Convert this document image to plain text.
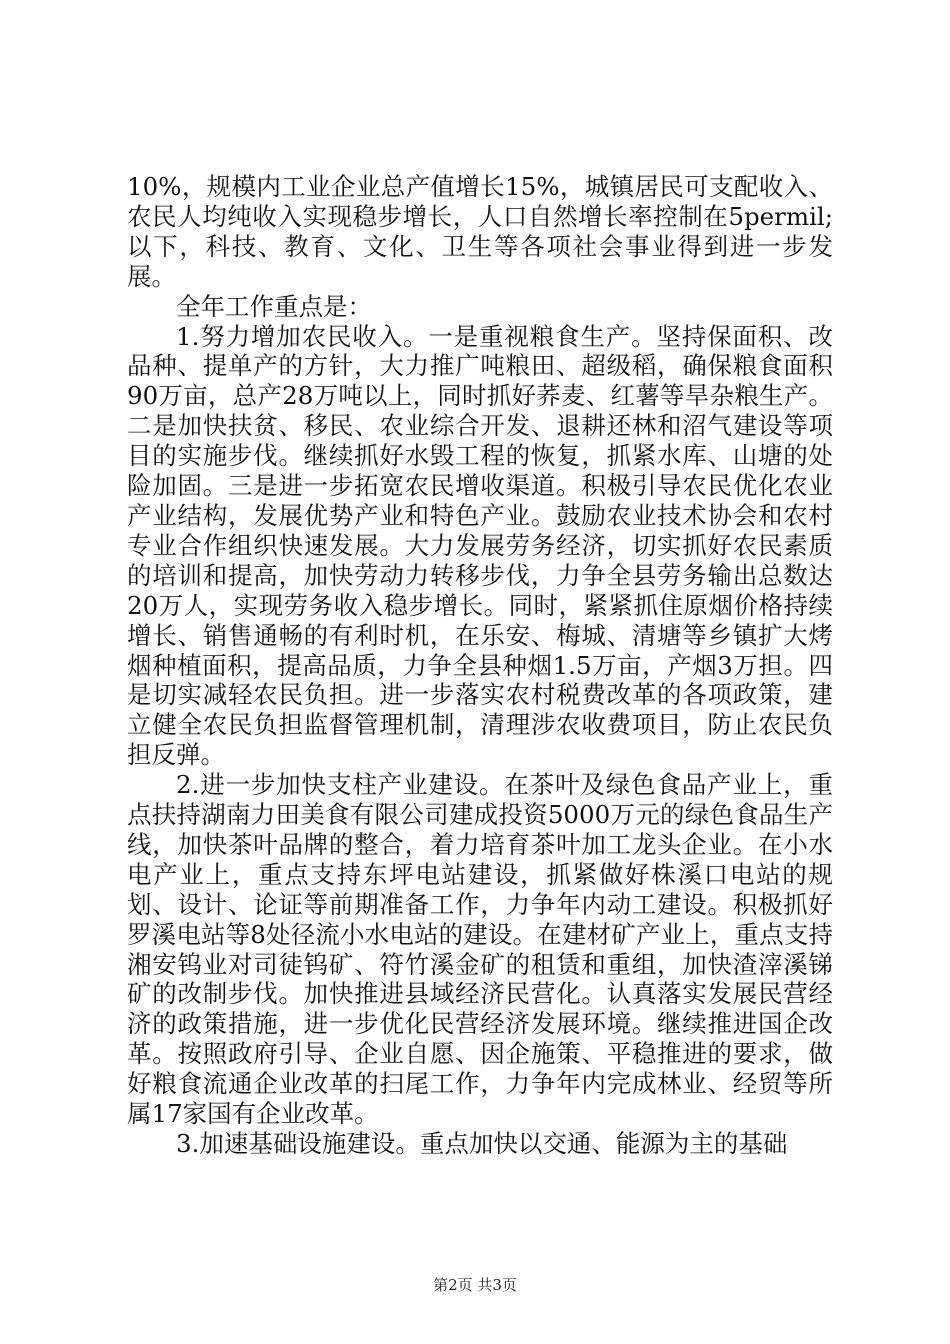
10%，规模内工业企业总产值增长15%，城镇居民可支配收入、农民人均纯收入实现稳步增长，人口自然增长率控制在5permil;以下，科技、教育、文化、卫生等各项社会事业得到进一步发展。

全年工作重点是：

1.努力增加农民收入。一是重视粮食生产。坚持保面积、改品种、提单产的方针，大力推广吨粮田、超级稻，确保粮食面积90万亩，总产28万吨以上，同时抓好荞麦、红薯等旱杂粮生产。二是加快扶贫、移民、农业综合开发、退耕还林和沼气建设等项目的实施步伐。继续抓好水毁工程的恢复，抓紧水库、山塘的处险加固。三是进一步拓宽农民增收渠道。积极引导农民优化农业产业结构，发展优势产业和特色产业。鼓励农业技术协会和农村专业合作组织快速发展。大力发展劳务经济，切实抓好农民素质的培训和提高，加快劳动力转移步伐，力争全县劳务输出总数达20万人，实现劳务收入稳步增长。同时，紧紧抓住原烟价格持续增长、销售通畅的有利时机，在乐安、梅城、清塘等乡镇扩大烤烟种植面积，提高品质，力争全县种烟1.5万亩，产烟3万担。四是切实减轻农民负担。进一步落实农村税费改革的各项政策，建立健全农民负担监督管理机制，清理涉农收费项目，防止农民负担反弹。

2.进一步加快支柱产业建设。在茶叶及绿色食品产业上，重点扶持湖南力田美食有限公司建成投资5000万元的绿色食品生产线，加快茶叶品牌的整合，着力培育茶叶加工龙头企业。在小水电产业上，重点支持东坪电站建设，抓紧做好株溪口电站的规划、设计、论证等前期准备工作，力争年内动工建设。积极抓好罗溪电站等8处径流小水电站的建设。在建材矿产业上，重点支持湘安钨业对司徒钨矿、符竹溪金矿的租赁和重组，加快渣滓溪锑矿的改制步伐。加快推进县域经济民营化。认真落实发展民营经济的政策措施，进一步优化民营经济发展环境。继续推进国企改革。按照政府引导、企业自愿、因企施策、平稳推进的要求，做好粮食流通企业改革的扫尾工作，力争年内完成林业、经贸等所属17家国有企业改革。

3.加速基础设施建设。重点加快以交通、能源为主的基础

第2页 共3页
